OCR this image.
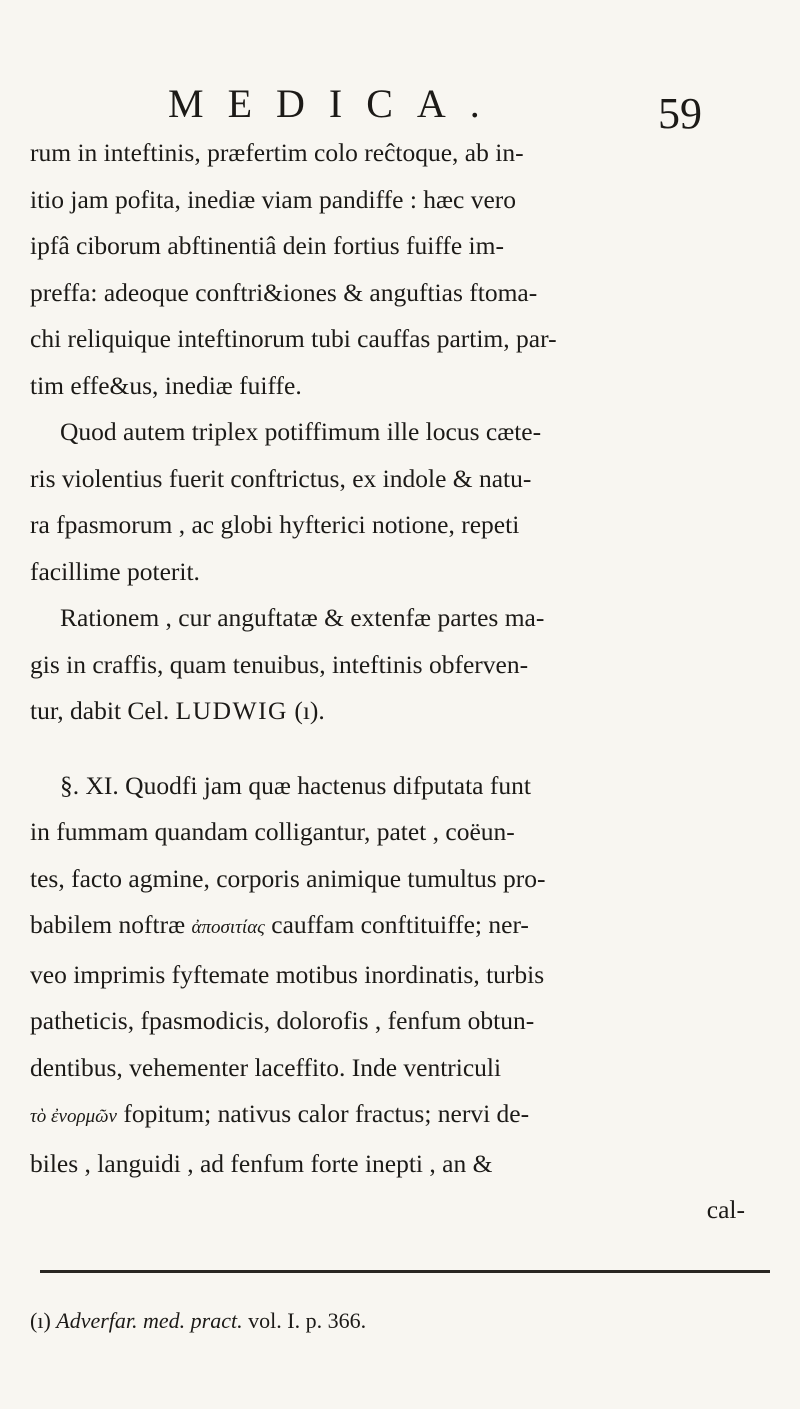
MEDICA.	59
rum in inteftinis, prӕfertim colo reĉtoque, ab in-
itio jam pofita, inediӕ viam pandiffe : hӕc vero
ipfâ ciborum abftinentiâ dein fortius fuiffe im-
preffa: adeoque conftri&iones & anguftias ftoma-
chi reliquique inteftinorum tubi cauffas partim, par-
tim effe&us, inediӕ fuiffe.
Quod autem triplex potiffimum ille locus cӕte-
ris violentius fuerit conftrictus, ex indole & natu-
ra fpasmorum , ac globi hyfterici notione, repeti
facillime poterit.
Rationem , cur anguftatӕ & extenfӕ partes ma-
gis in craffis, quam tenuibus, inteftinis obferven-
tur, dabit Cel. LUDWIG (ı).
§. XI. Quodfi jam quӕ hactenus difputata funt
in fummam quandam colligantur, patet , coëun-
tes, facto agmine, corporis animique tumultus pro-
babilem noftrӕ ἀποσιτίας cauffam conftituiffe; ner-
veo imprimis fyftemate motibus inordinatis, turbis
patheticis, fpasmodicis, dolorofis , fenfum obtun-
dentibus, vehementer laceffito. Inde ventriculi
τὸ ἐνορμῶν fopitum; nativus calor fractus; nervi de-
biles , languidi , ad fenfum forte inepti , an &
cal-
(ı) Adverfar. med. pract. vol. I. p. 366.
